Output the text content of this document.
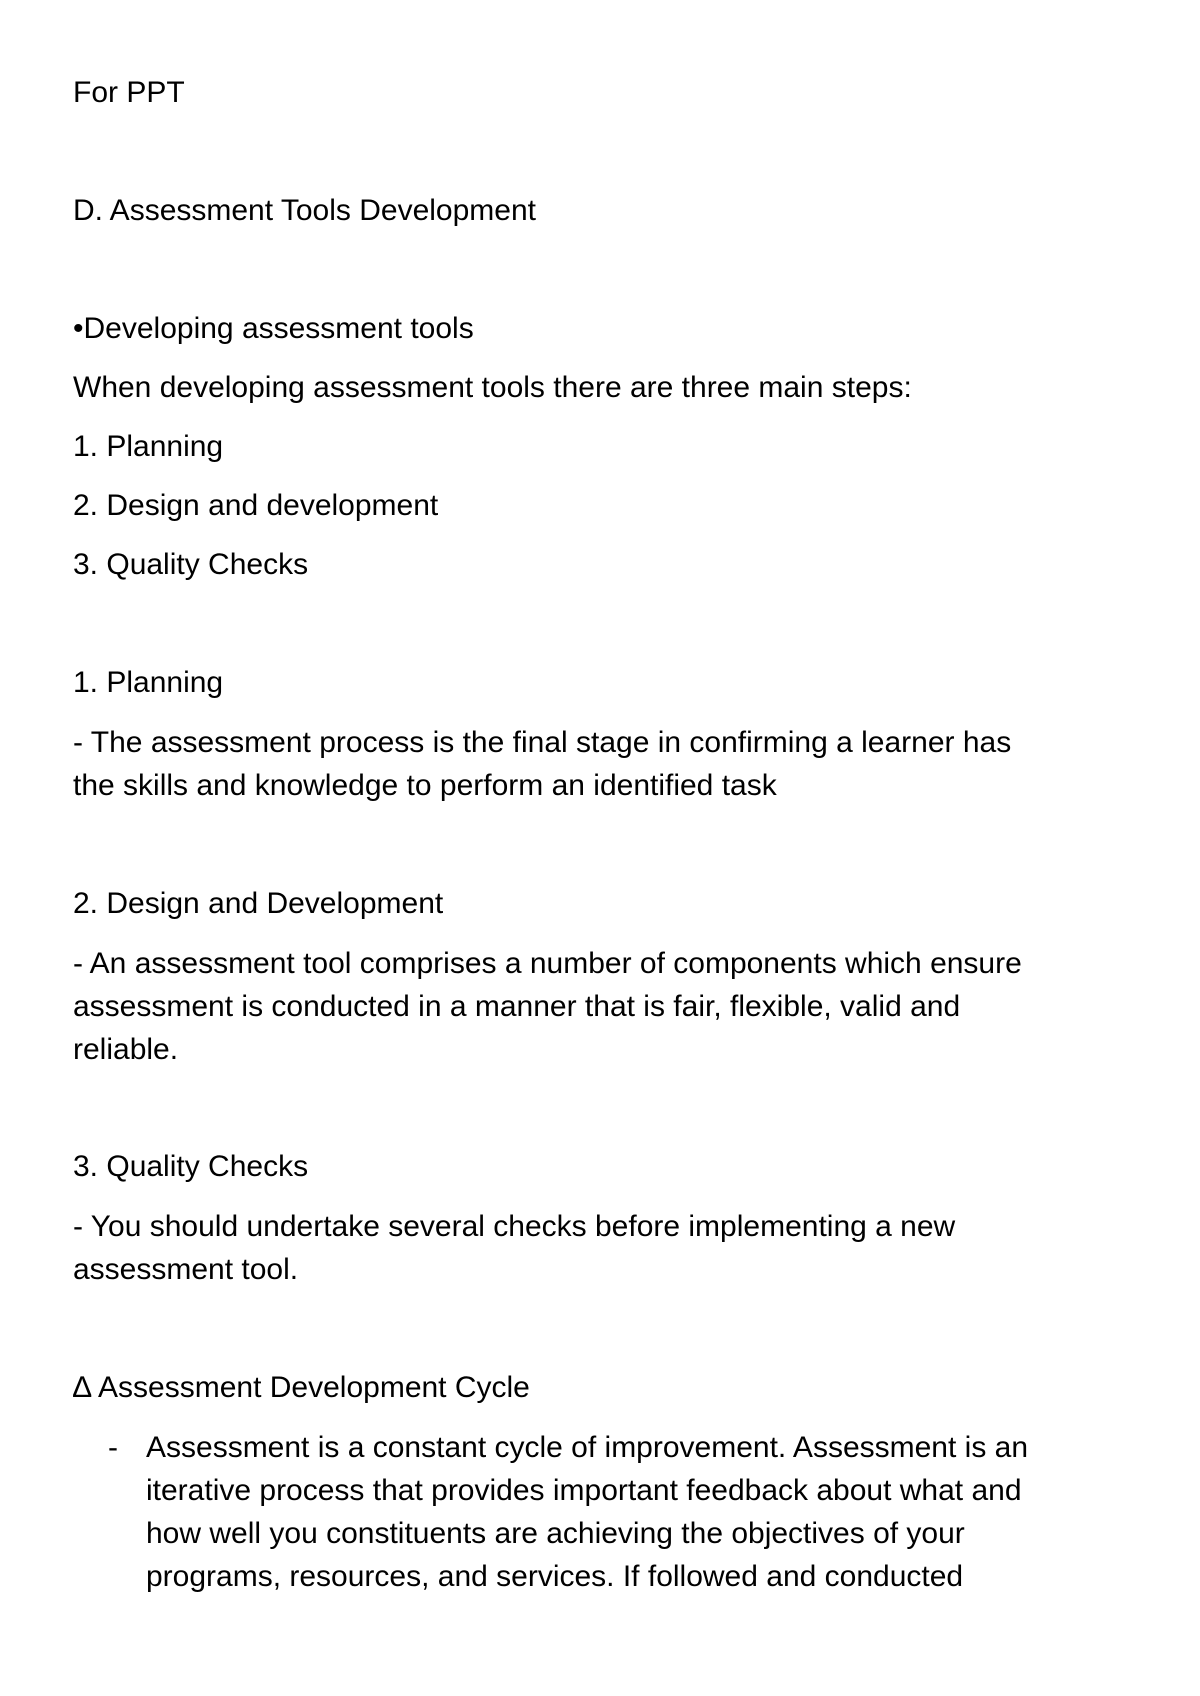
For PPT
D. Assessment Tools Development
•Developing assessment tools
When developing assessment tools there are three main steps:
1. Planning
2. Design and development
3. Quality Checks
1. Planning
- The assessment process is the final stage in confirming a learner has
the skills and knowledge to perform an identified task
2. Design and Development
- An assessment tool comprises a number of components which ensure
assessment is conducted in a manner that is fair, flexible, valid and
reliable.
3. Quality Checks
- You should undertake several checks before implementing a new
assessment tool.
∆ Assessment Development Cycle
- Assessment is a constant cycle of improvement. Assessment is an
iterative process that provides important feedback about what and
how well you constituents are achieving the objectives of your
programs, resources, and services. If followed and conducted
